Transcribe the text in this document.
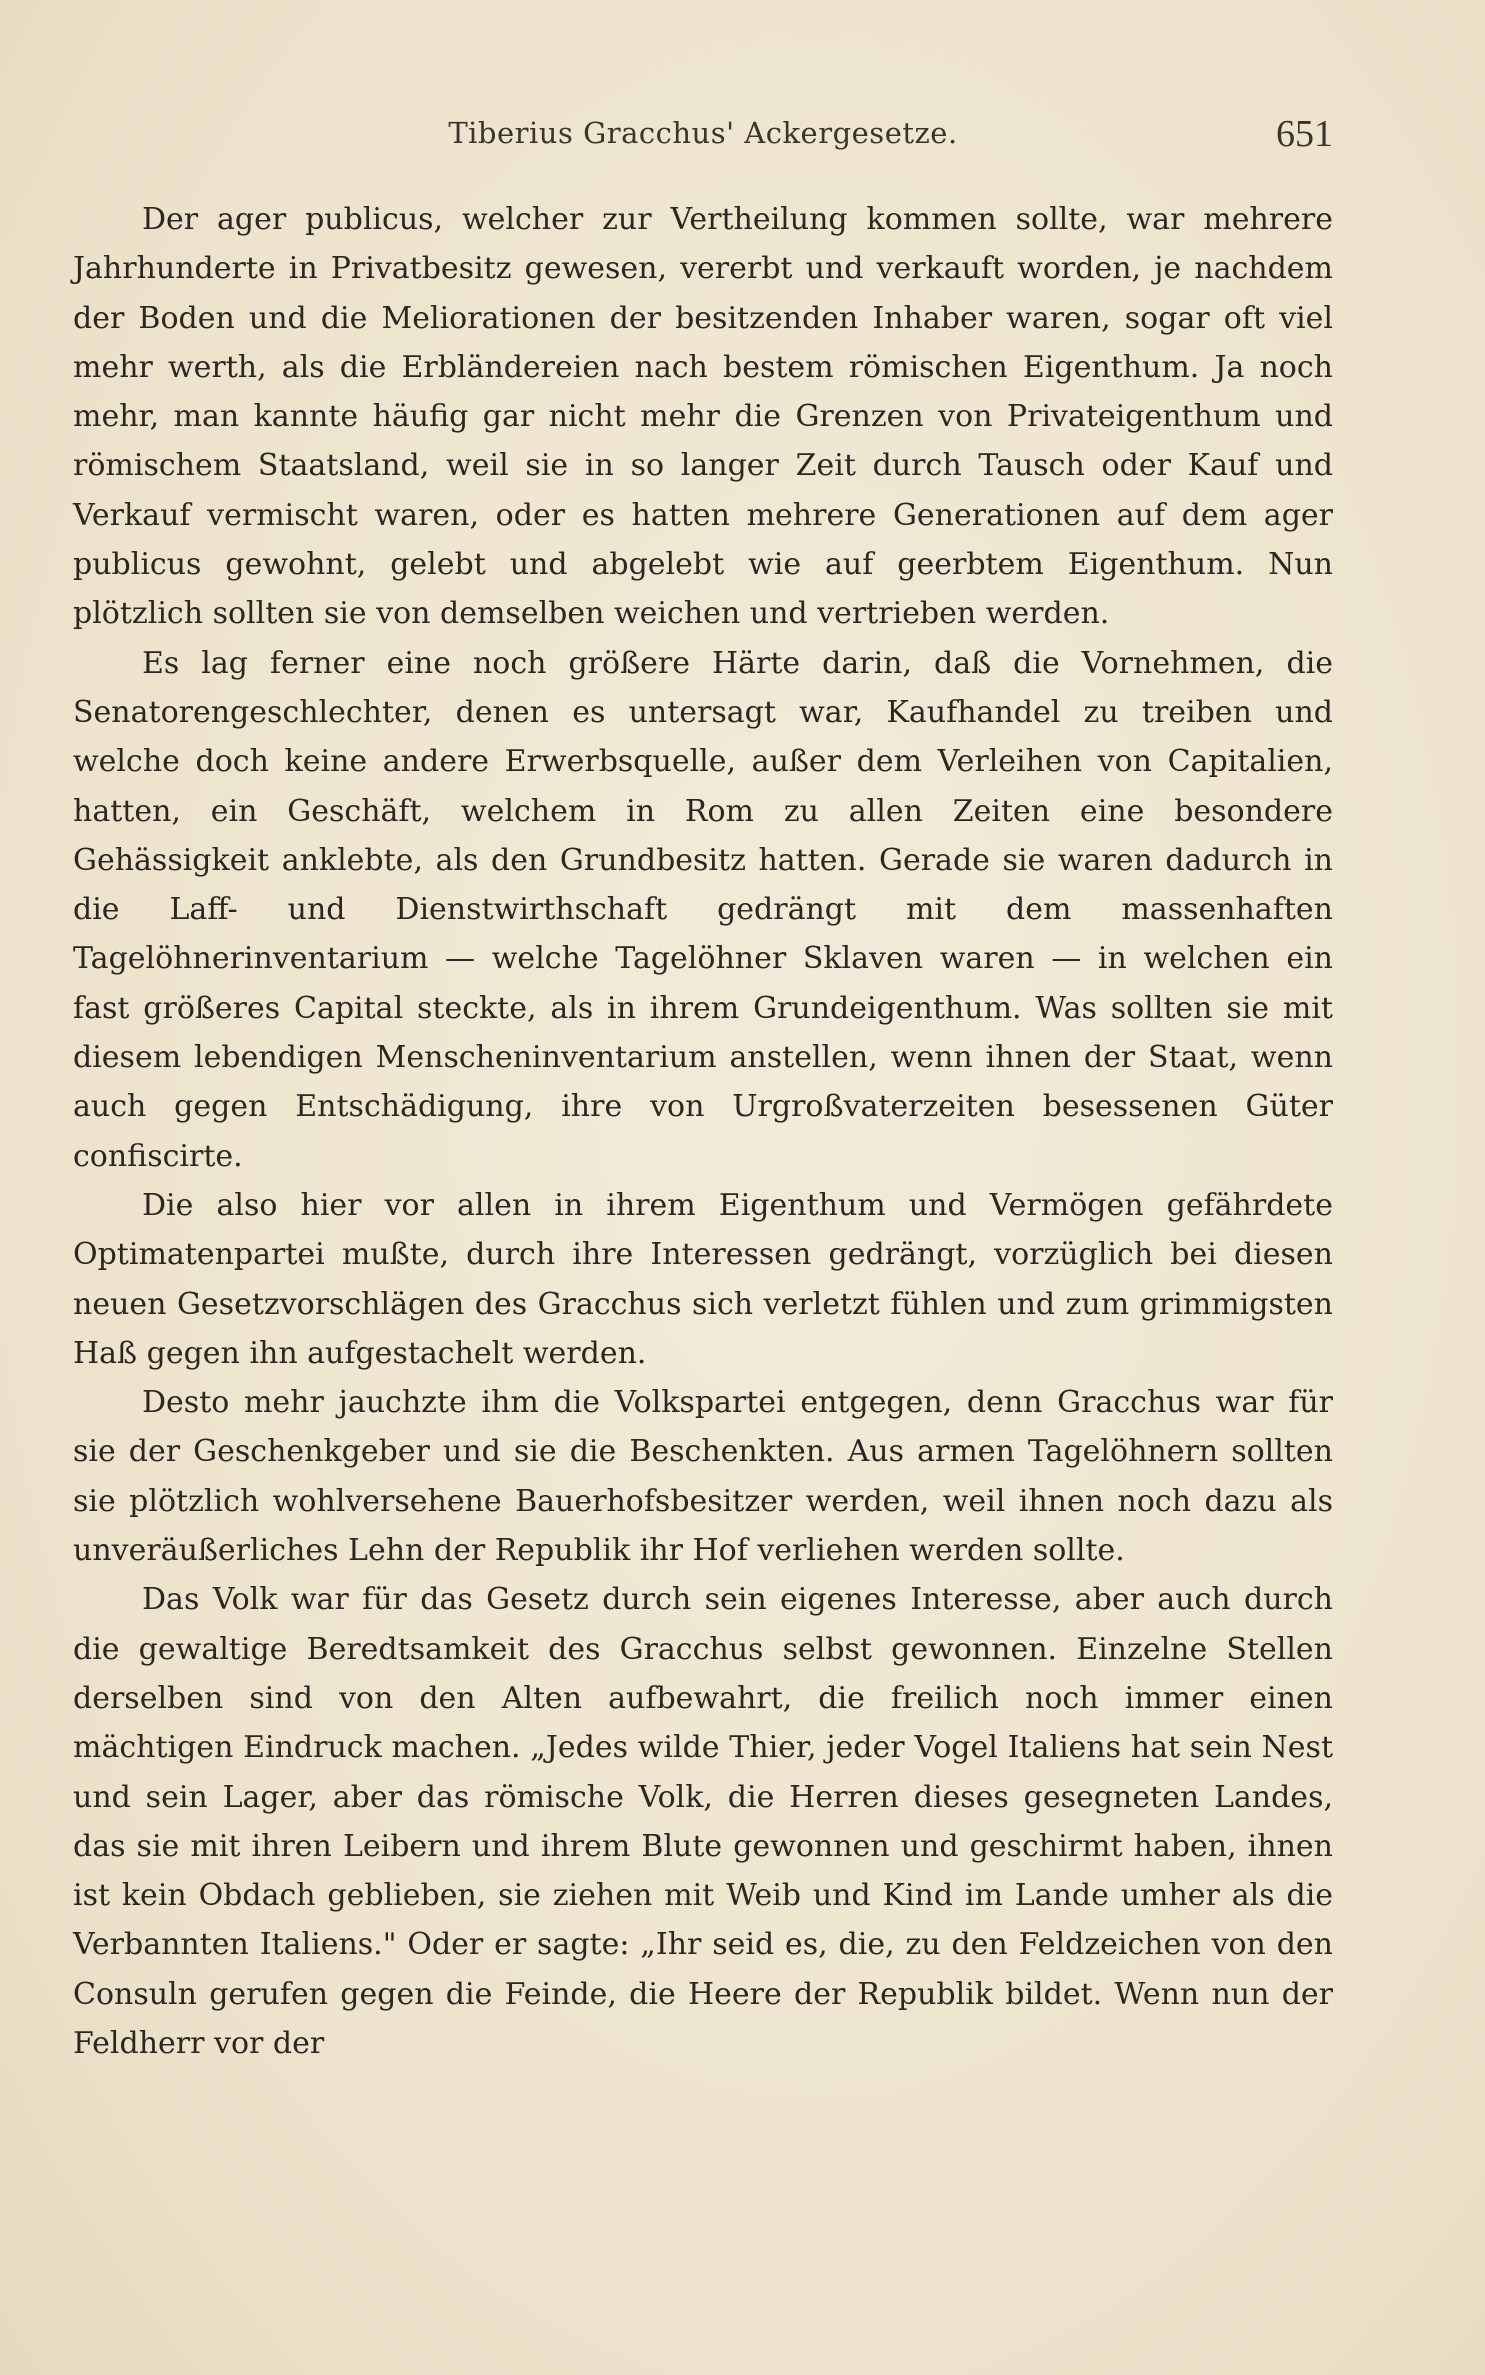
Tiberius Gracchus' Ackergesetze.	651

Der ager publicus, welcher zur Vertheilung kommen sollte, war mehrere Jahrhunderte in Privatbesitz gewesen, vererbt und verkauft worden, je nachdem der Boden und die Meliorationen der besitzenden Inhaber waren, sogar oft viel mehr werth, als die Erbländereien nach bestem römischen Eigenthum. Ja noch mehr, man kannte häufig gar nicht mehr die Grenzen von Privateigenthum und römischem Staatsland, weil sie in so langer Zeit durch Tausch oder Kauf und Verkauf vermischt waren, oder es hatten mehrere Generationen auf dem ager publicus gewohnt, gelebt und abgelebt wie auf geerbtem Eigenthum. Nun plötzlich sollten sie von demselben weichen und vertrieben werden.

Es lag ferner eine noch größere Härte darin, daß die Vornehmen, die Senatorengeschlechter, denen es untersagt war, Kaufhandel zu treiben und welche doch keine andere Erwerbsquelle, außer dem Verleihen von Capitalien, hatten, ein Geschäft, welchem in Rom zu allen Zeiten eine besondere Gehässigkeit anklebte, als den Grundbesitz hatten. Gerade sie waren dadurch in die Laff- und Dienstwirthschaft gedrängt mit dem massenhaften Tagelöhnerinventarium — welche Tagelöhner Sklaven waren — in welchen ein fast größeres Capital steckte, als in ihrem Grundeigenthum. Was sollten sie mit diesem lebendigen Menscheninventarium anstellen, wenn ihnen der Staat, wenn auch gegen Entschädigung, ihre von Urgroßvaterzeiten besessenen Güter confiscirte.

Die also hier vor allen in ihrem Eigenthum und Vermögen gefährdete Optimatenpartei mußte, durch ihre Interessen gedrängt, vorzüglich bei diesen neuen Gesetzvorschlägen des Gracchus sich verletzt fühlen und zum grimmigsten Haß gegen ihn aufgestachelt werden.

Desto mehr jauchzte ihm die Volkspartei entgegen, denn Gracchus war für sie der Geschenkgeber und sie die Beschenkten. Aus armen Tagelöhnern sollten sie plötzlich wohlversehene Bauerhofsbesitzer werden, weil ihnen noch dazu als unveräußerliches Lehn der Republik ihr Hof verliehen werden sollte.

Das Volk war für das Gesetz durch sein eigenes Interesse, aber auch durch die gewaltige Beredtsamkeit des Gracchus selbst gewonnen. Einzelne Stellen derselben sind von den Alten aufbewahrt, die freilich noch immer einen mächtigen Eindruck machen. „Jedes wilde Thier, jeder Vogel Italiens hat sein Nest und sein Lager, aber das römische Volk, die Herren dieses gesegneten Landes, das sie mit ihren Leibern und ihrem Blute gewonnen und geschirmt haben, ihnen ist kein Obdach geblieben, sie ziehen mit Weib und Kind im Lande umher als die Verbannten Italiens." Oder er sagte: „Ihr seid es, die, zu den Feldzeichen von den Consuln gerufen gegen die Feinde, die Heere der Republik bildet. Wenn nun der Feldherr vor der
